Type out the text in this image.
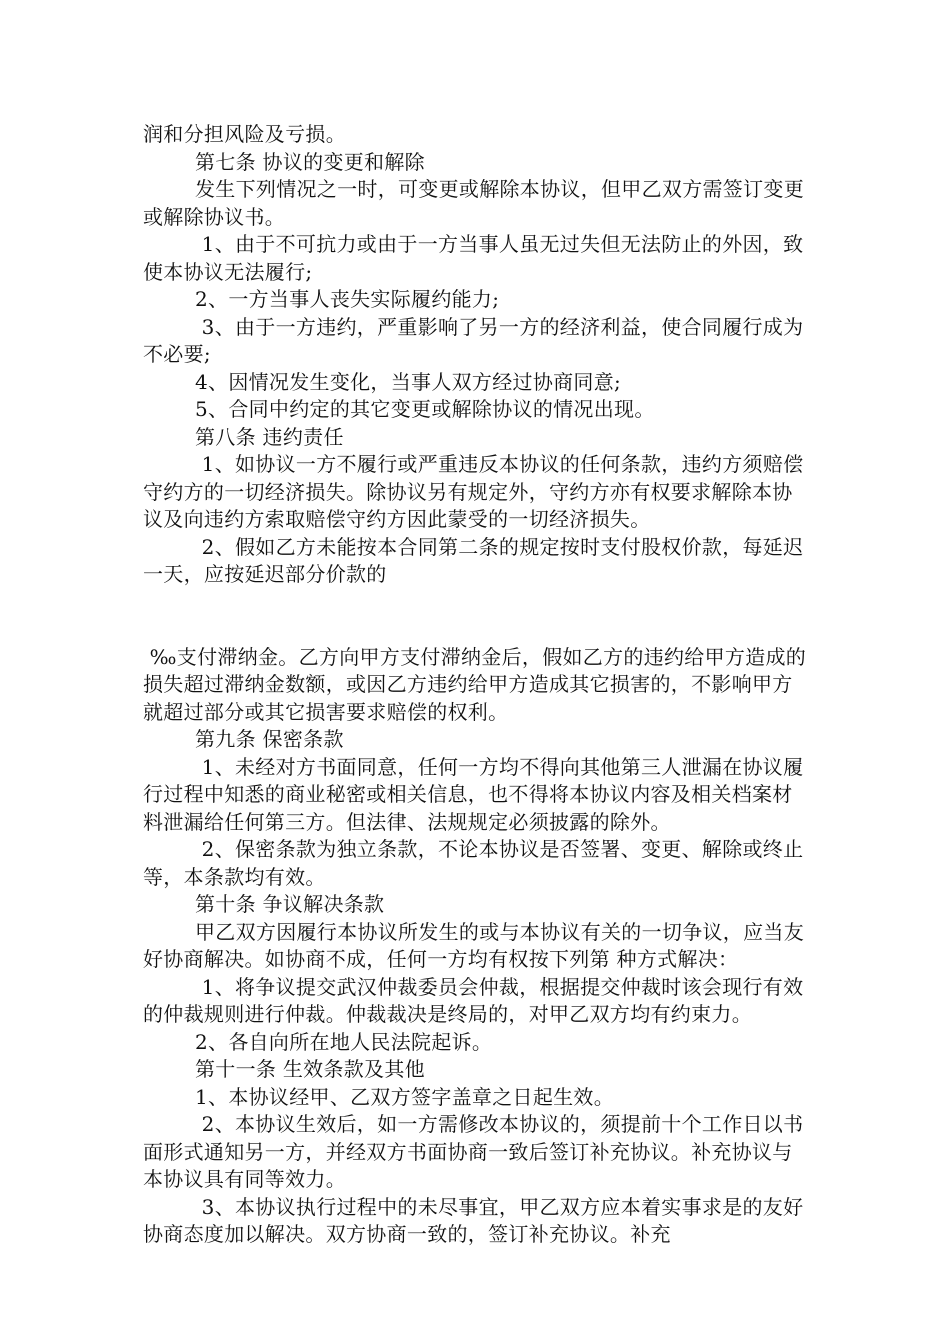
润和分担风险及亏损。

第七条 协议的变更和解除

发生下列情况之一时，可变更或解除本协议，但甲乙双方需签订变更或解除协议书。

1、由于不可抗力或由于一方当事人虽无过失但无法防止的外因，致使本协议无法履行;

2、一方当事人丧失实际履约能力;

3、由于一方违约，严重影响了另一方的经济利益，使合同履行成为不必要;

4、因情况发生变化，当事人双方经过协商同意;

5、合同中约定的其它变更或解除协议的情况出现。

第八条 违约责任

1、如协议一方不履行或严重违反本协议的任何条款，违约方须赔偿守约方的一切经济损失。除协议另有规定外，守约方亦有权要求解除本协议及向违约方索取赔偿守约方因此蒙受的一切经济损失。

2、假如乙方未能按本合同第二条的规定按时支付股权价款，每延迟一天，应按延迟部分价款的

‰支付滞纳金。乙方向甲方支付滞纳金后，假如乙方的违约给甲方造成的损失超过滞纳金数额，或因乙方违约给甲方造成其它损害的，不影响甲方就超过部分或其它损害要求赔偿的权利。

第九条 保密条款

1、未经对方书面同意，任何一方均不得向其他第三人泄漏在协议履行过程中知悉的商业秘密或相关信息，也不得将本协议内容及相关档案材料泄漏给任何第三方。但法律、法规规定必须披露的除外。

2、保密条款为独立条款，不论本协议是否签署、变更、解除或终止等，本条款均有效。

第十条 争议解决条款

甲乙双方因履行本协议所发生的或与本协议有关的一切争议，应当友好协商解决。如协商不成，任何一方均有权按下列第 种方式解决：

1、将争议提交武汉仲裁委员会仲裁，根据提交仲裁时该会现行有效的仲裁规则进行仲裁。仲裁裁决是终局的，对甲乙双方均有约束力。

2、各自向所在地人民法院起诉。

第十一条 生效条款及其他

1、本协议经甲、乙双方签字盖章之日起生效。

2、本协议生效后，如一方需修改本协议的，须提前十个工作日以书面形式通知另一方，并经双方书面协商一致后签订补充协议。补充协议与本协议具有同等效力。

3、本协议执行过程中的未尽事宜，甲乙双方应本着实事求是的友好协商态度加以解决。双方协商一致的，签订补充协议。补充
